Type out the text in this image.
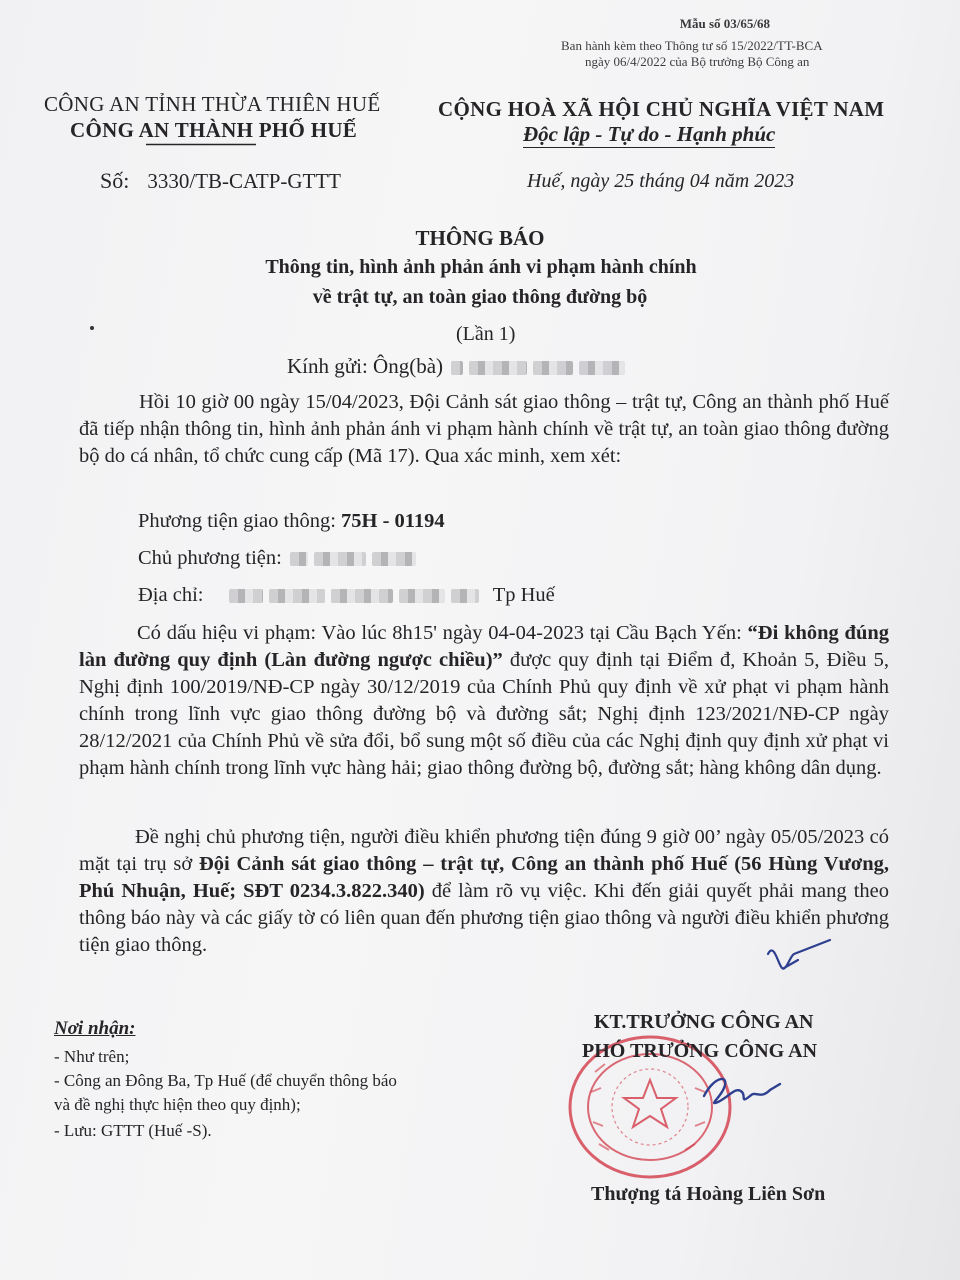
Mẫu số 03/65/68
Ban hành kèm theo Thông tư số 15/2022/TT-BCA
ngày 06/4/2022 của Bộ trưởng Bộ Công an
CÔNG AN TỈNH THỪA THIÊN HUẾ
CÔNG AN THÀNH PHỐ HUẾ
CỘNG HOÀ XÃ HỘI CHỦ NGHĨA VIỆT NAM
Độc lập - Tự do - Hạnh phúc
Số: 3330/TB-CATP-GTTT	Huế, ngày 25 tháng 04 năm 2023
THÔNG BÁO
Thông tin, hình ảnh phản ánh vi phạm hành chính
về trật tự, an toàn giao thông đường bộ
(Lần 1)
Kính gửi: Ông(bà)

Hồi 10 giờ 00 ngày 15/04/2023, Đội Cảnh sát giao thông – trật tự, Công an thành phố Huế đã tiếp nhận thông tin, hình ảnh phản ánh vi phạm hành chính về trật tự, an toàn giao thông đường bộ do cá nhân, tổ chức cung cấp (Mã 17). Qua xác minh, xem xét:

Phương tiện giao thông: 75H - 01194
Chủ phương tiện:
Địa chỉ:	Tp Huế

Có dấu hiệu vi phạm: Vào lúc 8h15' ngày 04-04-2023 tại Cầu Bạch Yến: “Đi không đúng làn đường quy định (Làn đường ngược chiều)” được quy định tại Điểm đ, Khoản 5, Điều 5, Nghị định 100/2019/NĐ-CP ngày 30/12/2019 của Chính Phủ quy định về xử phạt vi phạm hành chính trong lĩnh vực giao thông đường bộ và đường sắt; Nghị định 123/2021/NĐ-CP ngày 28/12/2021 của Chính Phủ về sửa đổi, bổ sung một số điều của các Nghị định quy định xử phạt vi phạm hành chính trong lĩnh vực hàng hải; giao thông đường bộ, đường sắt; hàng không dân dụng.

Đề nghị chủ phương tiện, người điều khiển phương tiện đúng 9 giờ 00’ ngày 05/05/2023 có mặt tại trụ sở Đội Cảnh sát giao thông – trật tự, Công an thành phố Huế (56 Hùng Vương, Phú Nhuận, Huế; SĐT 0234.3.822.340) để làm rõ vụ việc. Khi đến giải quyết phải mang theo thông báo này và các giấy tờ có liên quan đến phương tiện giao thông và người điều khiển phương tiện giao thông.

Nơi nhận:
- Như trên;
- Công an Đông Ba, Tp Huế (để chuyển thông báo
và đề nghị thực hiện theo quy định);
- Lưu: GTTT (Huế -S).
KT.TRƯỞNG CÔNG AN
PHÓ TRƯỞNG CÔNG AN
Thượng tá Hoàng Liên Sơn
